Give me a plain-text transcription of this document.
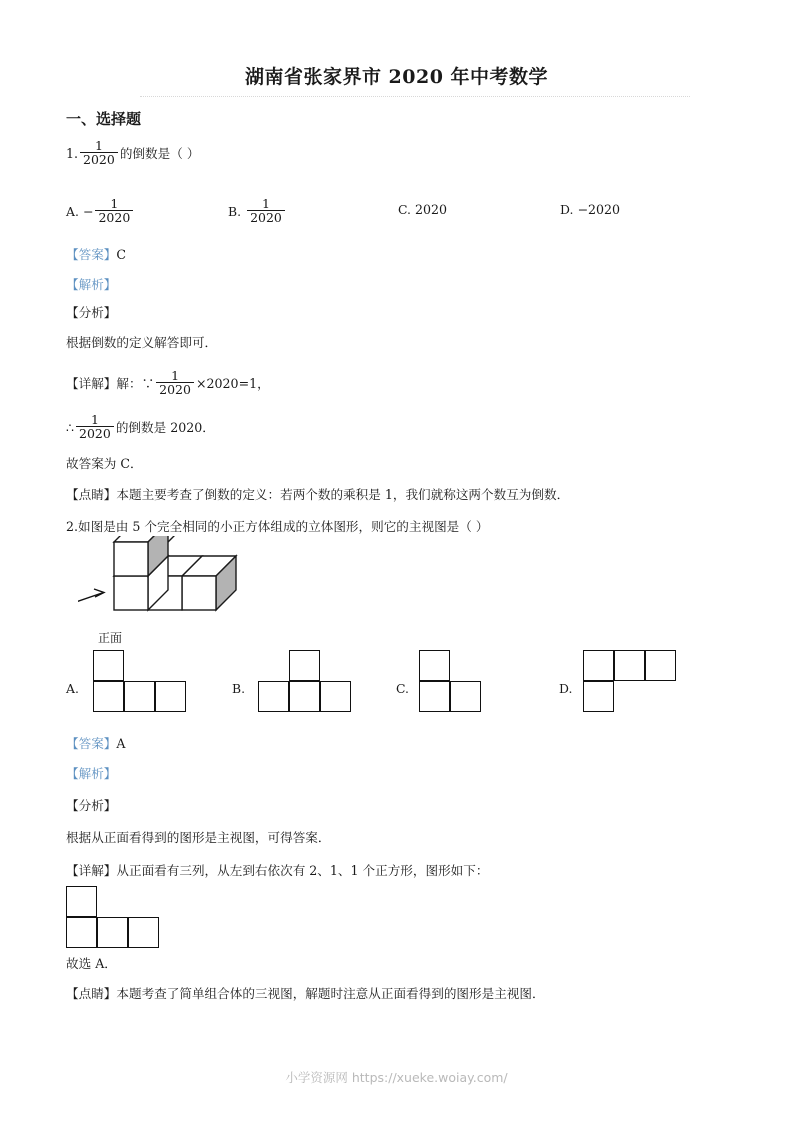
湖南省张家界市 2020 年中考数学
一、选择题
1. $\frac{1}{2020}$ 的倒数是（ ）
A. − $\frac{1}{2020}$	B. $\frac{1}{2020}$	C. 2020	D. −2020
【答案】C
【解析】
【分析】
根据倒数的定义解答即可．
【详解】解：∵ $\frac{1}{2020} \times 2020=1$，
∴ $\frac{1}{2020}$ 的倒数是 2020．
故答案为 C．
【点睛】本题主要考查了倒数的定义：若两个数的乘积是 1，我们就称这两个数互为倒数．
2.如图是由 5 个完全相同的小正方体组成的立体图形，则它的主视图是（ ）
正面
A.	B.	C.	D.
【答案】A
【解析】
【分析】
根据从正面看得到的图形是主视图，可得答案．
【详解】从正面看有三列，从左到右依次有 2、1、1 个正方形，图形如下：
故选 A．
【点睛】本题考查了简单组合体的三视图，解题时注意从正面看得到的图形是主视图．
小学资源网 https://xueke.woiay.com/
